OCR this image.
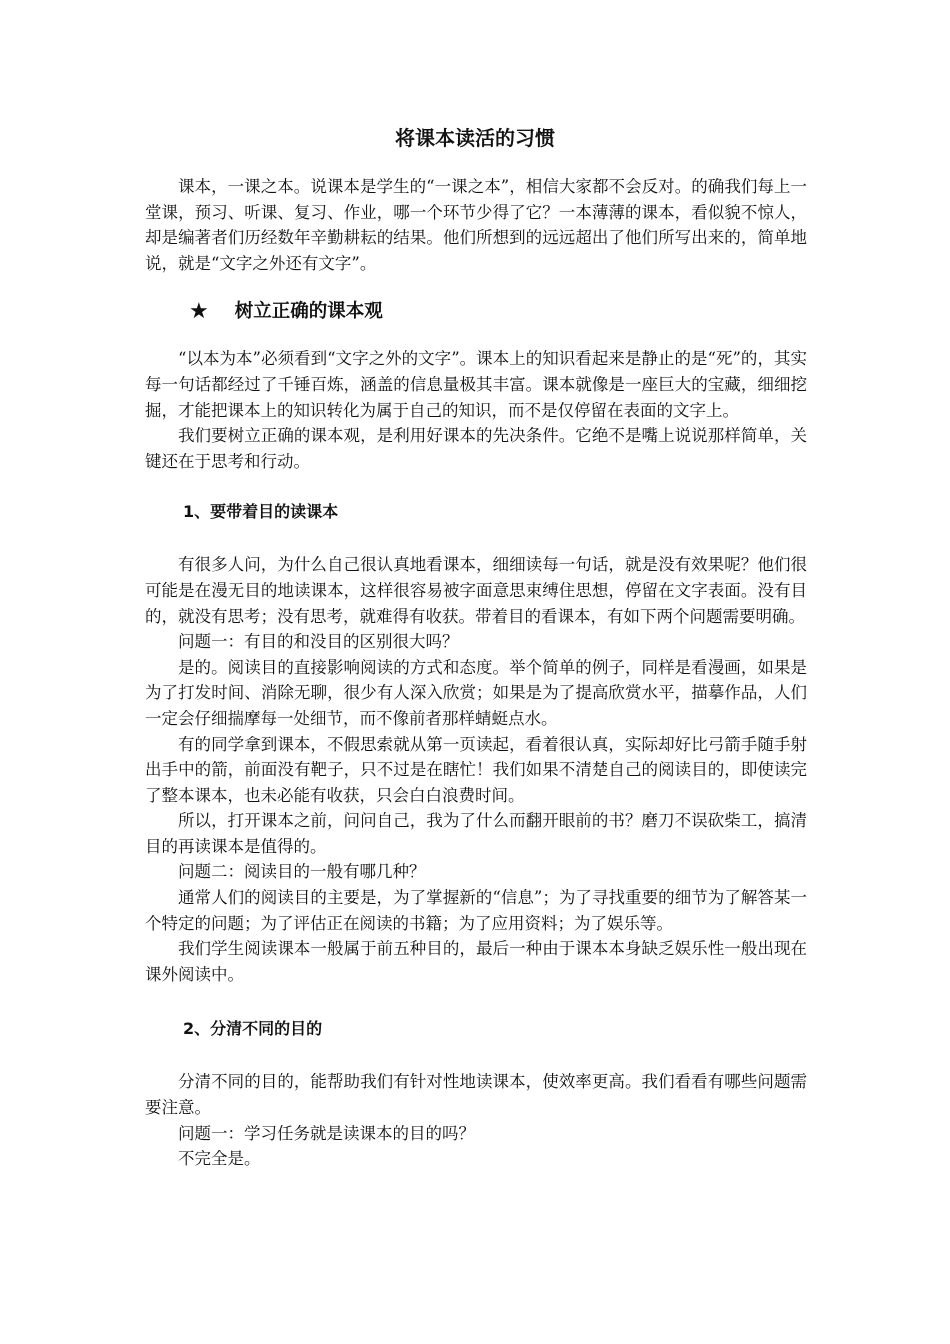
将课本读活的习惯

课本，一课之本。说课本是学生的“一课之本”，相信大家都不会反对。的确我们每上一堂课，预习、听课、复习、作业，哪一个环节少得了它？一本薄薄的课本，看似貌不惊人，却是编著者们历经数年辛勤耕耘的结果。他们所想到的远远超出了他们所写出来的，简单地说，就是“文字之外还有文字”。

★ 树立正确的课本观

“以本为本”必须看到“文字之外的文字”。课本上的知识看起来是静止的是“死”的，其实每一句话都经过了千锤百炼，涵盖的信息量极其丰富。课本就像是一座巨大的宝藏，细细挖掘，才能把课本上的知识转化为属于自己的知识，而不是仅停留在表面的文字上。

我们要树立正确的课本观，是利用好课本的先决条件。它绝不是嘴上说说那样简单，关键还在于思考和行动。

1、要带着目的读课本

有很多人问，为什么自己很认真地看课本，细细读每一句话，就是没有效果呢？他们很可能是在漫无目的地读课本，这样很容易被字面意思束缚住思想，停留在文字表面。没有目的，就没有思考；没有思考，就难得有收获。带着目的看课本，有如下两个问题需要明确。

问题一：有目的和没目的区别很大吗？

是的。阅读目的直接影响阅读的方式和态度。举个简单的例子，同样是看漫画，如果是为了打发时间、消除无聊，很少有人深入欣赏；如果是为了提高欣赏水平，描摹作品，人们一定会仔细揣摩每一处细节，而不像前者那样蜻蜓点水。

有的同学拿到课本，不假思索就从第一页读起，看着很认真，实际却好比弓箭手随手射出手中的箭，前面没有靶子，只不过是在瞎忙！我们如果不清楚自己的阅读目的，即使读完了整本课本，也未必能有收获，只会白白浪费时间。

所以，打开课本之前，问问自己，我为了什么而翻开眼前的书？磨刀不误砍柴工，搞清目的再读课本是值得的。

问题二：阅读目的一般有哪几种？

通常人们的阅读目的主要是，为了掌握新的“信息”；为了寻找重要的细节为了解答某一个特定的问题；为了评估正在阅读的书籍；为了应用资料；为了娱乐等。

我们学生阅读课本一般属于前五种目的，最后一种由于课本本身缺乏娱乐性一般出现在课外阅读中。

2、分清不同的目的

分清不同的目的，能帮助我们有针对性地读课本，使效率更高。我们看看有哪些问题需要注意。

问题一：学习任务就是读课本的目的吗？

不完全是。
